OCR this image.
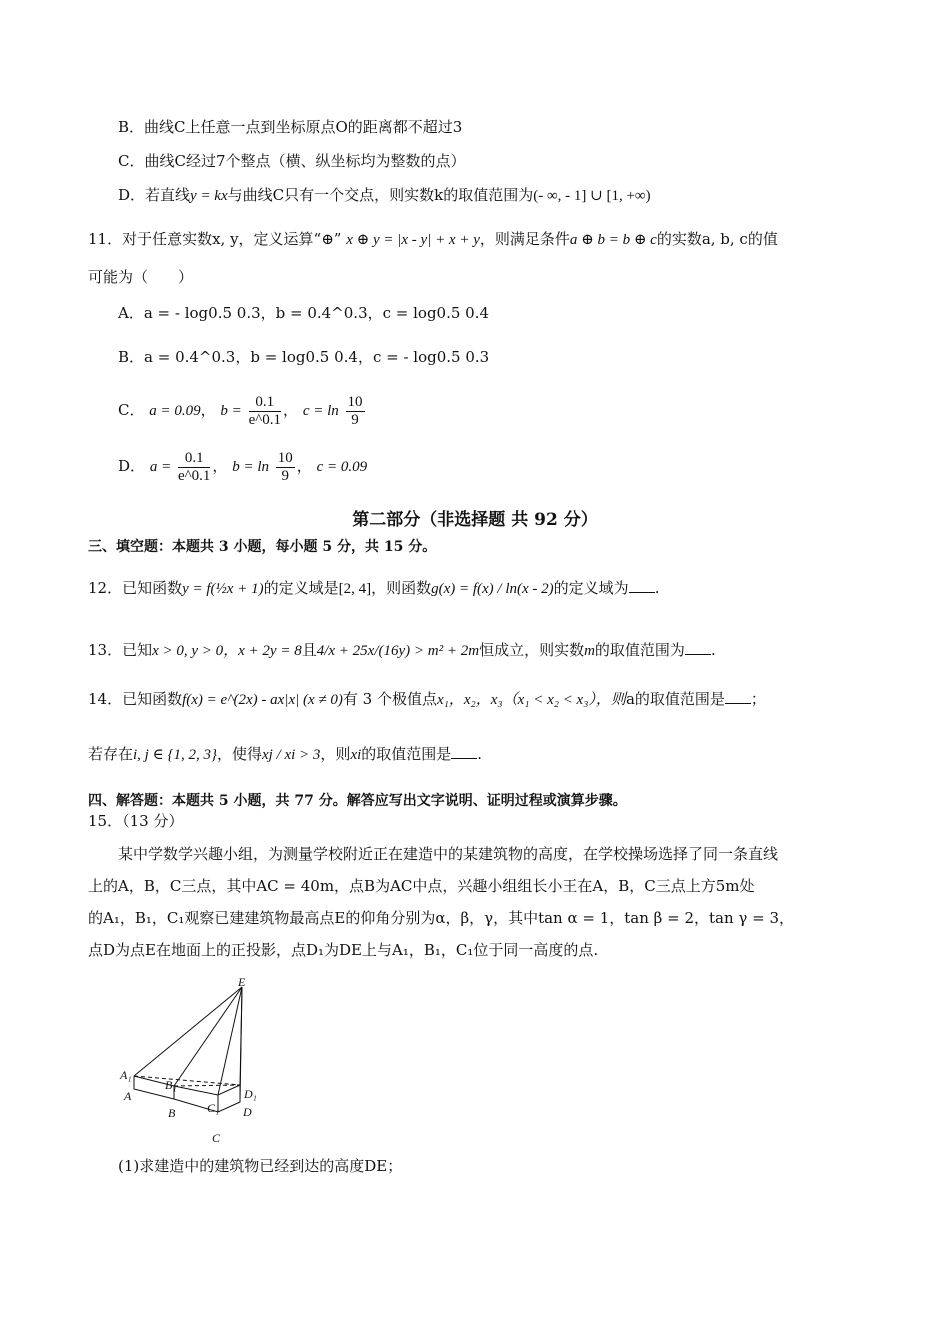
B．曲线C上任意一点到坐标原点O的距离都不超过3
C．曲线C经过7个整点（横、纵坐标均为整数的点）
D．若直线y = kx与曲线C只有一个交点，则实数k的取值范围为(- ∞, - 1] ∪ [1, +∞)
11．对于任意实数x, y，定义运算“⊕” x ⊕ y = |x - y| + x + y，则满足条件a ⊕ b = b ⊕ c的实数a, b, c的值
可能为（　　）
A．a = - log0.5 0.3，b = 0.4^0.3，c = log0.5 0.4
B．a = 0.4^0.3，b = log0.5 0.4，c = - log0.5 0.3
C． a = 0.09， $b = \frac{0.1}{e\^{}0.1}$ ， $c = \ln \frac{10}{9}$
D． $a = \frac{0.1}{e\^{}0.1}$ ， $b = \ln \frac{10}{9}$ ， c = 0.09
第二部分（非选择题 共 92 分）
三、填空题：本题共 3 小题，每小题 5 分，共 15 分。
12．已知函数y = f(½x + 1)的定义域是[2, 4]，则函数g(x) = f(x) / ln(x - 2)的定义域为 .
13．已知x > 0, y > 0，x + 2y = 8且4/x + 25x/(16y) > m² + 2m恒成立，则实数m的取值范围为 .
14．已知函数f(x) = e^(2x) - ax|x| (x ≠ 0)有 3 个极值点x₁，x₂，x₃（x₁ < x₂ < x₃），则a的取值范围是 ；
若存在i, j ∈ {1, 2, 3}，使得xj / xi > 3，则xi的取值范围是 .
四、解答题：本题共 5 小题，共 77 分。解答应写出文字说明、证明过程或演算步骤。
15．（13 分）
某中学数学兴趣小组，为测量学校附近正在建造中的某建筑物的高度，在学校操场选择了同一条直线
上的A，B，C三点，其中AC = 40m，点B为AC中点，兴趣小组组长小王在A，B，C三点上方5m处
的A₁，B₁，C₁观察已建建筑物最高点E的仰角分别为α，β，γ，其中tan α = 1，tan β = 2，tan γ = 3，
点D为点E在地面上的正投影，点D₁为DE上与A₁，B₁，C₁位于同一高度的点.
E
A₁
A
B₁
B	C₁
C
D₁
D
(1)求建造中的建筑物已经到达的高度DE；
